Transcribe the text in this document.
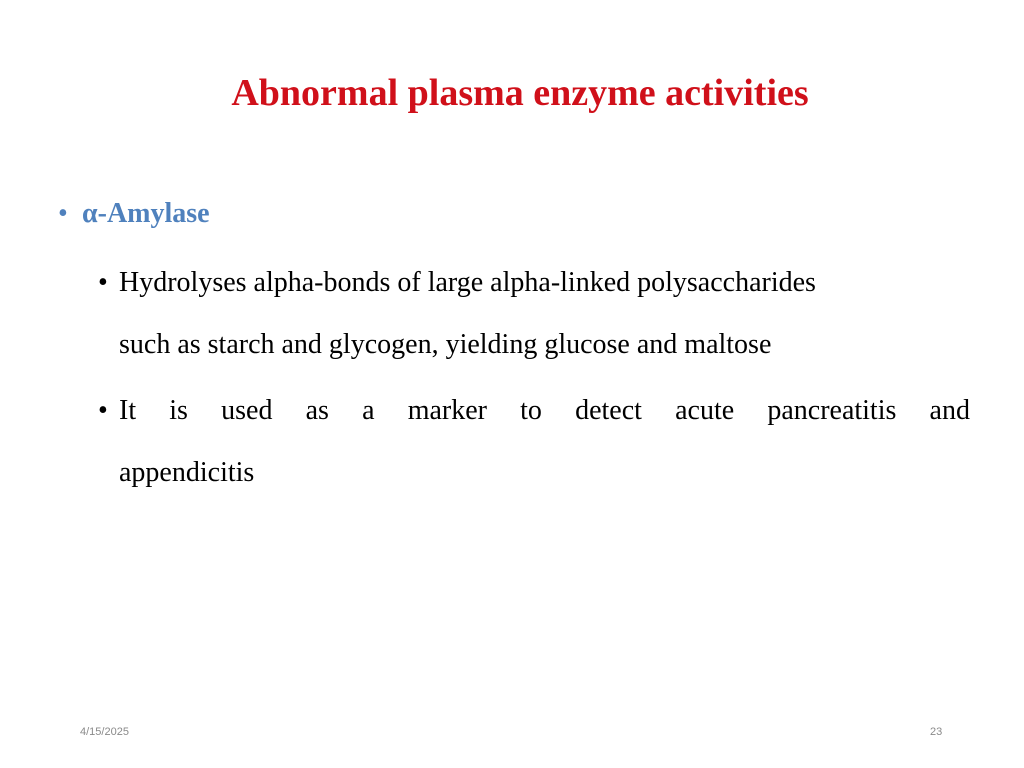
Abnormal plasma enzyme activities
• α-Amylase
• Hydrolyses alpha-bonds of large alpha-linked polysaccharides
such as starch and glycogen, yielding glucose and maltose
• It is used as a marker to detect acute pancreatitis and
appendicitis
4/15/2025	23
